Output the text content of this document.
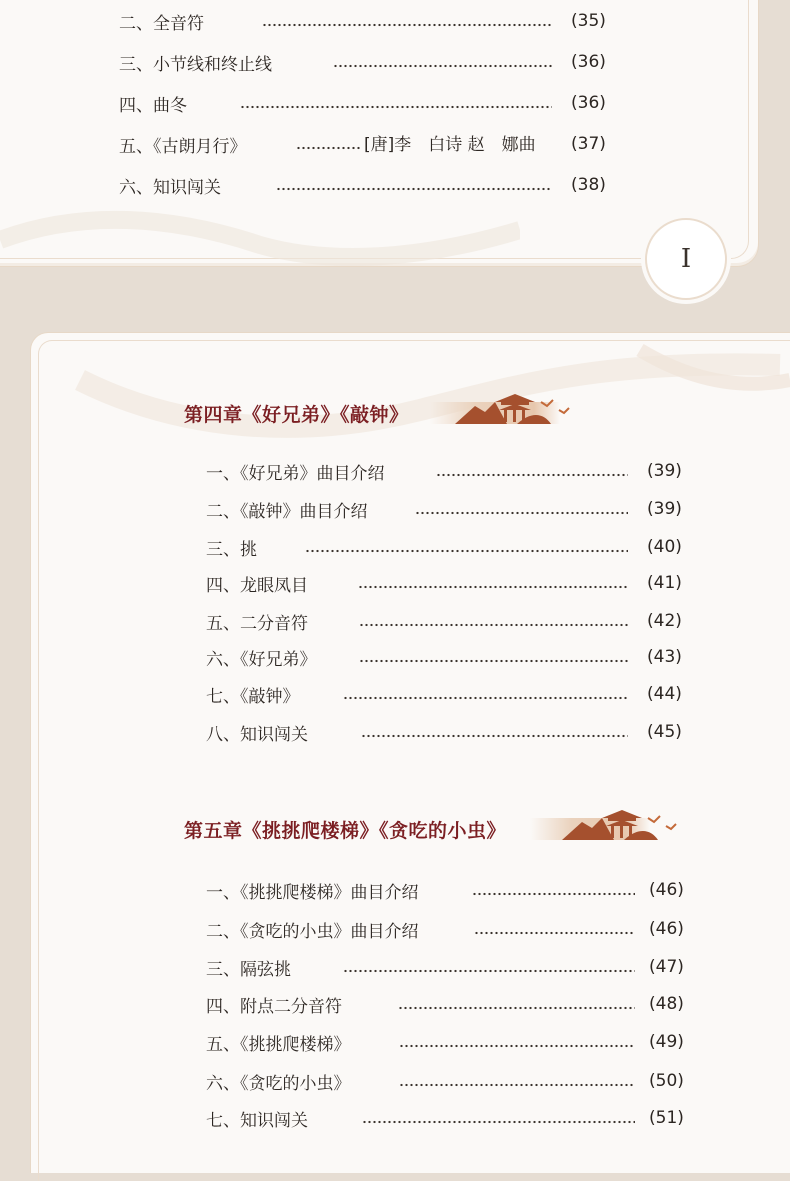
二、全音符	(35)
三、小节线和终止线	(36)
四、曲冬	(36)
五、《古朗月行》	[唐]李　白诗 赵　娜曲 (37)
六、知识闯关	(38)
I
第四章《好兄弟》《敲钟》
一、《好兄弟》曲目介绍	(39)
二、《敲钟》曲目介绍	(39)
三、挑	(40)
四、龙眼凤目	(41)
五、二分音符	(42)
六、《好兄弟》	(43)
七、《敲钟》	(44)
八、知识闯关	(45)
第五章《挑挑爬楼梯》《贪吃的小虫》
一、《挑挑爬楼梯》曲目介绍	(46)
二、《贪吃的小虫》曲目介绍	(46)
三、隔弦挑	(47)
四、附点二分音符	(48)
五、《挑挑爬楼梯》	(49)
六、《贪吃的小虫》	(50)
七、知识闯关	(51)
